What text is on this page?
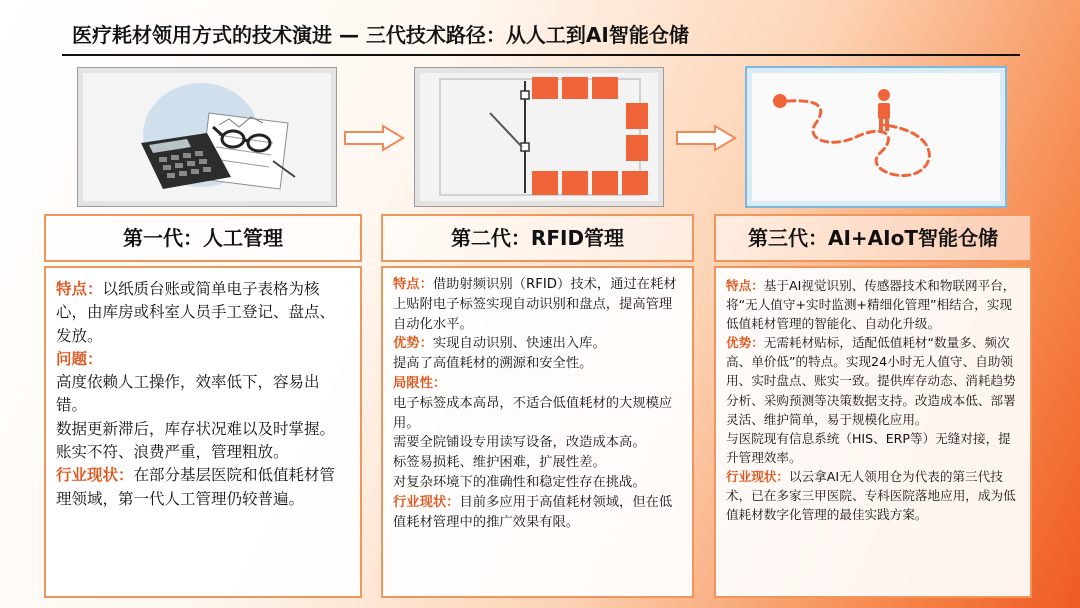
医疗耗材领用方式的技术演进 — 三代技术路径：从人工到AI智能仓储
第一代：人工管理	第二代：RFID管理	第三代：AI+AIoT智能仓储

特点：以纸质台账或简单电子表格为核心，由库房或科室人员手工登记、盘点、发放。

问题：

高度依赖人工操作，效率低下，容易出错。

数据更新滞后，库存状况难以及时掌握。

账实不符、浪费严重，管理粗放。

行业现状：在部分基层医院和低值耗材管理领域，第一代人工管理仍较普遍。

特点：借助射频识别（RFID）技术，通过在耗材上贴附电子标签实现自动识别和盘点，提高管理自动化水平。

优势：实现自动识别、快速出入库。

提高了高值耗材的溯源和安全性。

局限性：

电子标签成本高昂，不适合低值耗材的大规模应用。

需要全院铺设专用读写设备，改造成本高。

标签易损耗、维护困难，扩展性差。

对复杂环境下的准确性和稳定性存在挑战。

行业现状：目前多应用于高值耗材领域，但在低值耗材管理中的推广效果有限。

特点：基于AI视觉识别、传感器技术和物联网平台，将“无人值守+实时监测+精细化管理”相结合，实现低值耗材管理的智能化、自动化升级。

优势：无需耗材贴标，适配低值耗材“数量多、频次高、单价低”的特点。实现24小时无人值守、自助领用、实时盘点、账实一致。提供库存动态、消耗趋势分析、采购预测等决策数据支持。改造成本低、部署灵活、维护简单，易于规模化应用。

与医院现有信息系统（HIS、ERP等）无缝对接，提升管理效率。

行业现状：以云拿AI无人领用仓为代表的第三代技术，已在多家三甲医院、专科医院落地应用，成为低值耗材数字化管理的最佳实践方案。
